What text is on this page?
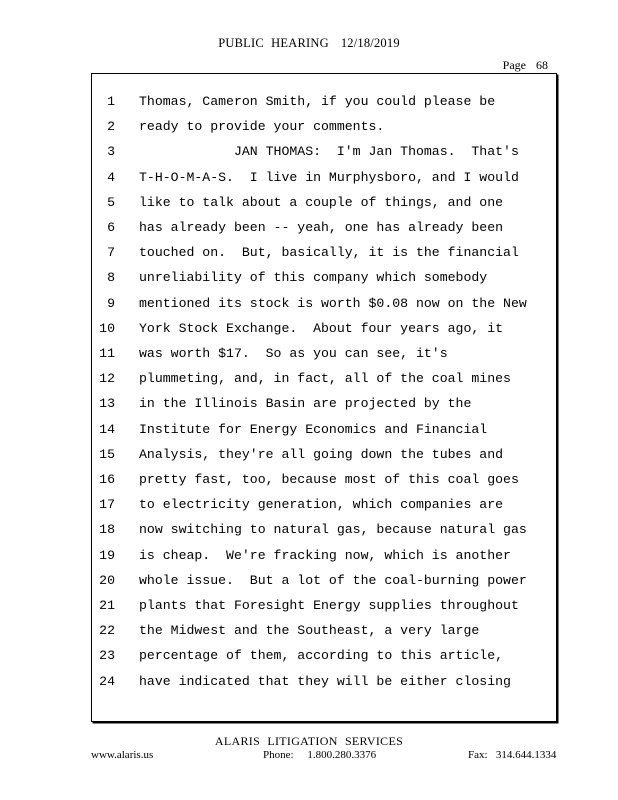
PUBLIC HEARING 12/18/2019
Page 68
1 Thomas, Cameron Smith, if you could please be
2 ready to provide your comments.
3 JAN THOMAS:  I'm Jan Thomas.  That's
4 T-H-O-M-A-S.  I live in Murphysboro, and I would
5 like to talk about a couple of things, and one
6 has already been -- yeah, one has already been
7 touched on.  But, basically, it is the financial
8 unreliability of this company which somebody
9 mentioned its stock is worth $0.08 now on the New
10 York Stock Exchange.  About four years ago, it
11 was worth $17.  So as you can see, it's
12 plummeting, and, in fact, all of the coal mines
13 in the Illinois Basin are projected by the
14 Institute for Energy Economics and Financial
15 Analysis, they're all going down the tubes and
16 pretty fast, too, because most of this coal goes
17 to electricity generation, which companies are
18 now switching to natural gas, because natural gas
19 is cheap.  We're fracking now, which is another
20 whole issue.  But a lot of the coal-burning power
21 plants that Foresight Energy supplies throughout
22 the Midwest and the Southeast, a very large
23 percentage of them, according to this article,
24 have indicated that they will be either closing
ALARIS LITIGATION SERVICES
www.alaris.us	Phone: 1.800.280.3376	Fax: 314.644.1334
